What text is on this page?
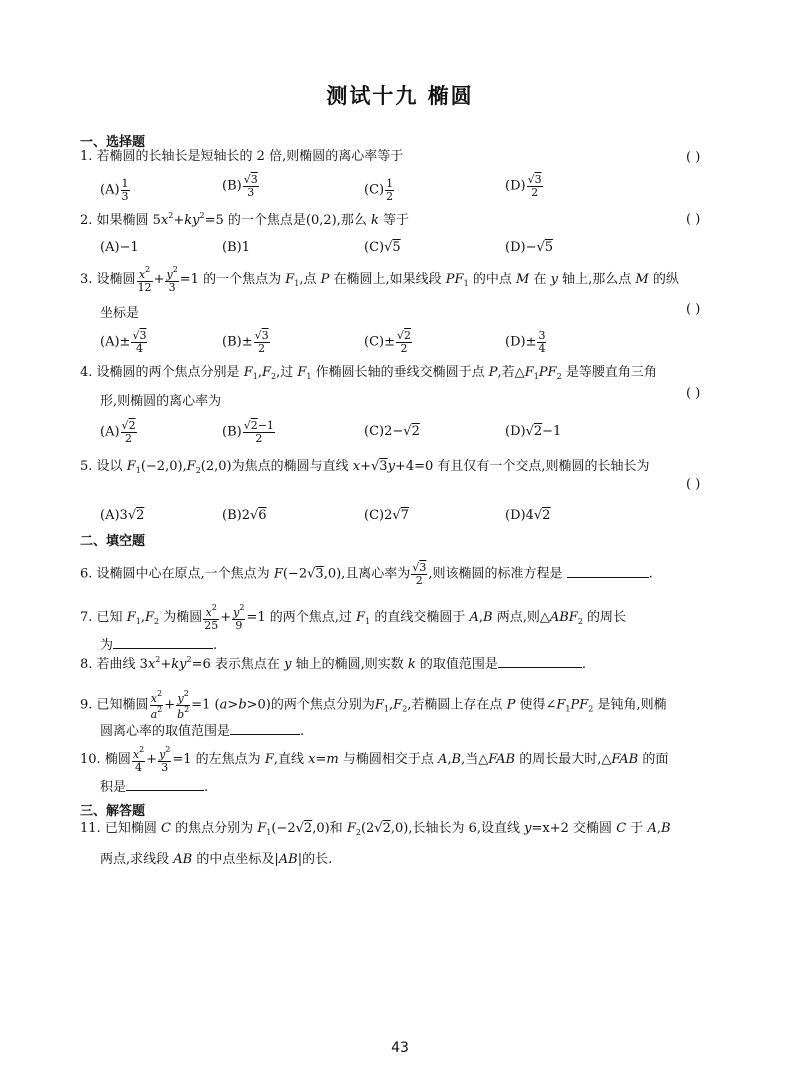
测试十九 椭圆
一、选择题
1. 若椭圆的长轴长是短轴长的 2 倍,则椭圆的离心率等于	( )
$(A) \frac{1}{3}$	$(B) \frac{√3}{3}$	$(C) \frac{1}{2}$	$(D) \frac{√3}{2}$
2. 如果椭圆 $5x^2+ky^2=5$ 的一个焦点是(0,2),那么 k 等于	( )
(A)−1	(B)1	(C)√5	(D)−√5
3. 设椭圆 $\frac{x^2}{12} + \frac{y^2}{3} =1$ 的一个焦点为 $F_1$,点 P 在椭圆上,如果线段 $PF_1$ 的中点 M 在 y 轴上,那么点 M 的纵
坐标是	( )
$(A)\pm \frac{√3}{4}$	$(B)\pm \frac{√3}{2}$	$(C)\pm \frac{√2}{2}$	$(D)\pm \frac{3}{4}$
4. 设椭圆的两个焦点分别是 $F_1,F_2$,过 $F_1$ 作椭圆长轴的垂线交椭圆于点 P,若$\triangle F_1PF_2$ 是等腰直角三角
形,则椭圆的离心率为
( )
$(A) \frac{√2}{2}$	$(B) \frac{√2-1}{2}$	(C)2−√2	(D)√2−1
5. 设以 $F_1(-2,0),F_2(2,0)$为焦点的椭圆与直线 x+√3y+4=0 有且仅有一个交点,则椭圆的长轴长为
( )
(A)3√2	(B)2√6	(C)2√7	(D)4√2
二、填空题
6. 设椭圆中心在原点,一个焦点为 F(−2√3,0),且离心率为 $\frac{√3}{2}$ ,则该椭圆的标准方程是	.
7. 已知 $F_1,F_2$ 为椭圆 $\frac{x^2}{25} + \frac{y^2}{9} =1$ 的两个焦点,过 $F_1$ 的直线交椭圆于 A,B 两点,则$\triangle ABF_2$ 的周长
为	.
8. 若曲线 $3x^2+ky^2=6$ 表示焦点在 y 轴上的椭圆,则实数 k 的取值范围是	.
9. 已知椭圆 $\frac{x^2}{a^2} + \frac{y^2}{b^2} =1$ (a>b>0)的两个焦点分别为$F_1,F_2$,若椭圆上存在点 P 使得$\angle F_1PF_2$ 是钝角,则椭
圆离心率的取值范围是	.
10. 椭圆 $\frac{x^2}{4} + \frac{y^2}{3} =1$ 的左焦点为 F,直线 x=m 与椭圆相交于点 A,B,当△FAB 的周长最大时,△FAB 的面
积是	.
三、解答题
11. 已知椭圆 C 的焦点分别为 $F_1(-2√2,0)$和 $F_2(2√2,0)$,长轴长为 6,设直线 y=x+2 交椭圆 C 于 A,B
两点,求线段 AB 的中点坐标及|AB|的长.
43
